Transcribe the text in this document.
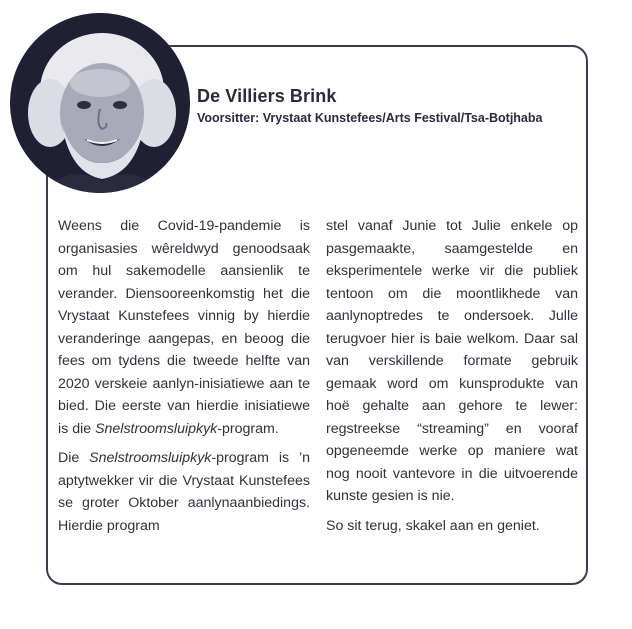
De Villiers Brink
Voorsitter: Vrystaat Kunstefees/Arts Festival/Tsa-Botjhaba

Weens die Covid-19-pandemie is organisasies wêreldwyd genoodsaak om hul sakemodelle aansienlik te verander. Diensooreenkomstig het die Vrystaat Kunstefees vinnig by hierdie veranderinge aangepas, en beoog die fees om tydens die tweede helfte van 2020 verskeie aanlyn-inisiatiewe aan te bied. Die eerste van hierdie inisiatiewe is die Snelstroomsluipkyk-program.

Die Snelstroomsluipkyk-program is ’n aptytwekker vir die Vrystaat Kunstefees se groter Oktober aanlynaanbiedings. Hierdie program

stel vanaf Junie tot Julie enkele op pasgemaakte, saamgestelde en eksperimentele werke vir die publiek tentoon om die moontlikhede van aanlynoptredes te ondersoek. Julle terugvoer hier is baie welkom. Daar sal van verskillende formate gebruik gemaak word om kunsprodukte van hoë gehalte aan gehore te lewer: regstreekse “streaming” en vooraf opgeneemde werke op maniere wat nog nooit vantevore in die uitvoerende kunste gesien is nie.

So sit terug, skakel aan en geniet.
